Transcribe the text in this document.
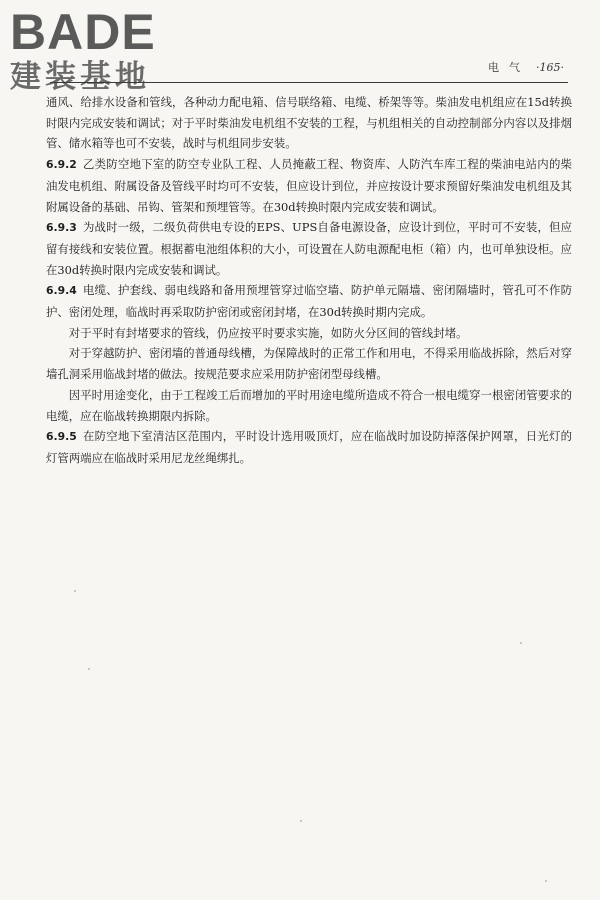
BADE
建装基地	电气 ·165·

通风、给排水设备和管线，各种动力配电箱、信号联络箱、电缆、桥架等等。柴油发电机组应在15d转换时限内完成安装和调试；对于平时柴油发电机组不安装的工程，与机组相关的自动控制部分内容以及排烟管、储水箱等也可不安装，战时与机组同步安装。

6.9.2 乙类防空地下室的防空专业队工程、人员掩蔽工程、物资库、人防汽车库工程的柴油电站内的柴油发电机组、附属设备及管线平时均可不安装，但应设计到位，并应按设计要求预留好柴油发电机组及其附属设备的基础、吊钩、管架和预埋管等。在30d转换时限内完成安装和调试。

6.9.3 为战时一级，二级负荷供电专设的EPS、UPS自备电源设备，应设计到位，平时可不安装，但应留有接线和安装位置。根据蓄电池组体积的大小，可设置在人防电源配电柜（箱）内，也可单独设柜。应在30d转换时限内完成安装和调试。

6.9.4 电缆、护套线、弱电线路和备用预埋管穿过临空墙、防护单元隔墙、密闭隔墙时，管孔可不作防护、密闭处理，临战时再采取防护密闭或密闭封堵，在30d转换时期内完成。

对于平时有封堵要求的管线，仍应按平时要求实施，如防火分区间的管线封堵。

对于穿越防护、密闭墙的普通母线槽，为保障战时的正常工作和用电，不得采用临战拆除，然后对穿墙孔洞采用临战封堵的做法。按规范要求应采用防护密闭型母线槽。

因平时用途变化，由于工程竣工后而增加的平时用途电缆所造成不符合一根电缆穿一根密闭管要求的电缆，应在临战转换期限内拆除。

6.9.5 在防空地下室清洁区范围内，平时设计选用吸顶灯，应在临战时加设防掉落保护网罩，日光灯的灯管两端应在临战时采用尼龙丝绳绑扎。
